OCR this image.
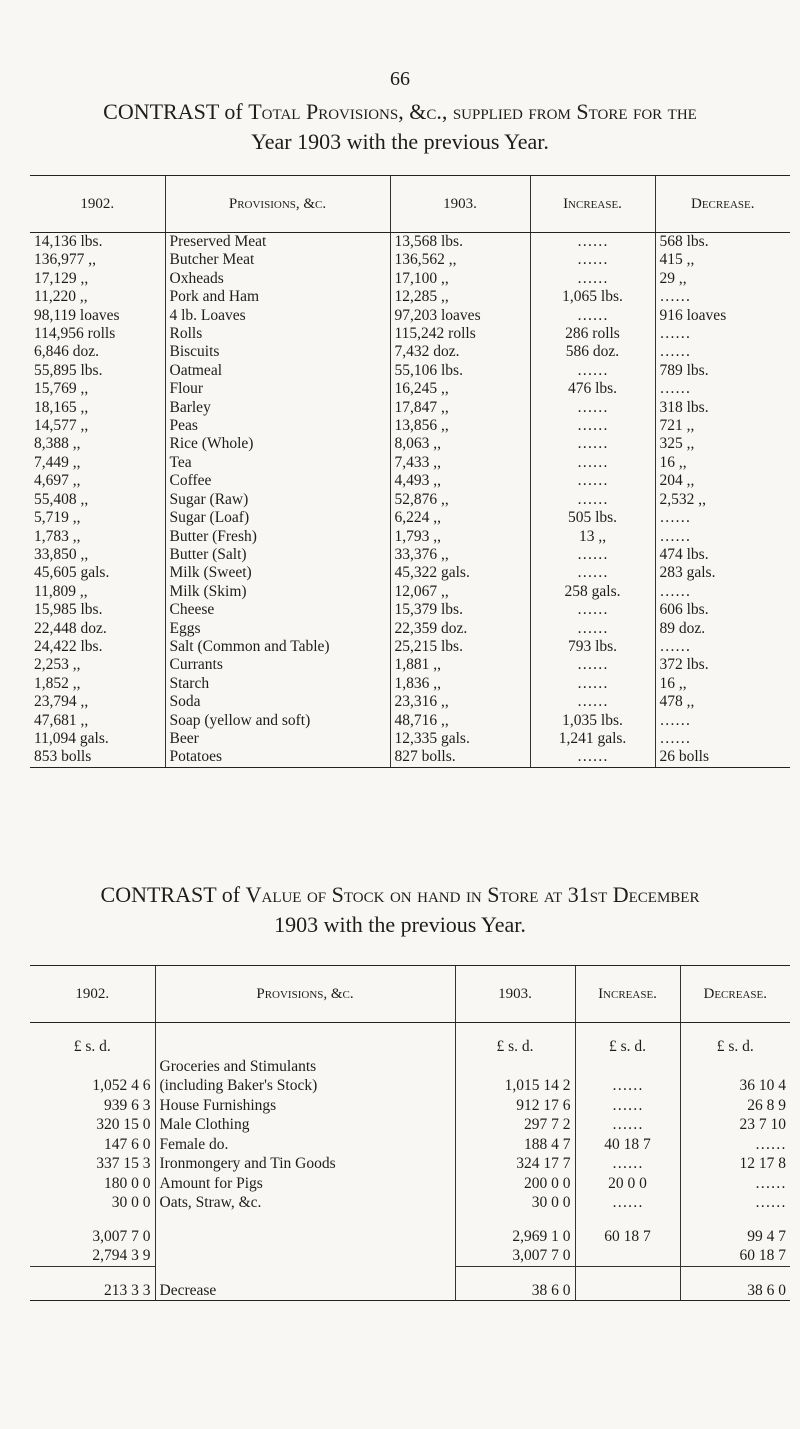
66
CONTRAST of Total Provisions, &c., supplied from Store for the
Year 1903 with the previous Year.
1902.	Provisions, &c.	1903.	Increase.	Decrease.
14,136 lbs.	Preserved Meat	13,568 lbs.	……	568 lbs.
136,977 ,,	Butcher Meat	136,562 ,,	……	415 ,,
17,129 ,,	Oxheads	17,100 ,,	……	29 ,,
11,220 ,,	Pork and Ham	12,285 ,,	1,065 lbs.	……
98,119 loaves	4 lb. Loaves	97,203 loaves	……	916 loaves
114,956 rolls	Rolls	115,242 rolls	286 rolls	……
6,846 doz.	Biscuits	7,432 doz.	586 doz.	……
55,895 lbs.	Oatmeal	55,106 lbs.	……	789 lbs.
15,769 ,,	Flour	16,245 ,,	476 lbs.	……
18,165 ,,	Barley	17,847 ,,	……	318 lbs.
14,577 ,,	Peas	13,856 ,,	……	721 ,,
8,388 ,,	Rice (Whole)	8,063 ,,	……	325 ,,
7,449 ,,	Tea	7,433 ,,	……	16 ,,
4,697 ,,	Coffee	4,493 ,,	……	204 ,,
55,408 ,,	Sugar (Raw)	52,876 ,,	……	2,532 ,,
5,719 ,,	Sugar (Loaf)	6,224 ,,	505 lbs.	……
1,783 ,,	Butter (Fresh)	1,793 ,,	13 ,,	……
33,850 ,,	Butter (Salt)	33,376 ,,	……	474 lbs.
45,605 gals.	Milk (Sweet)	45,322 gals.	……	283 gals.
11,809 ,,	Milk (Skim)	12,067 ,,	258 gals.	……
15,985 lbs.	Cheese	15,379 lbs.	……	606 lbs.
22,448 doz.	Eggs	22,359 doz.	……	89 doz.
24,422 lbs.	Salt (Common and Table)	25,215 lbs.	793 lbs.	……
2,253 ,,	Currants	1,881 ,,	……	372 lbs.
1,852 ,,	Starch	1,836 ,,	……	16 ,,
23,794 ,,	Soda	23,316 ,,	……	478 ,,
47,681 ,,	Soap (yellow and soft)	48,716 ,,	1,035 lbs.	……
11,094 gals.	Beer	12,335 gals.	1,241 gals.	……
853 bolls	Potatoes	827 bolls.	……	26 bolls
CONTRAST of Value of Stock on hand in Store at 31st December
1903 with the previous Year.
1902.	Provisions, &c.	1903.	Increase.	Decrease.

£ s. d.		£ s. d.	£ s. d.	£ s. d.
	Groceries and Stimulants			
1,052 4 6	(including Baker's Stock)	1,015 14 2	……	36 10 4
939 6 3	House Furnishings	912 17 6	……	26 8 9
320 15 0	Male Clothing	297 7 2	……	23 7 10
147 6 0	Female do.	188 4 7	40 18 7	……
337 15 3	Ironmongery and Tin Goods	324 17 7	……	12 17 8
180 0 0	Amount for Pigs	200 0 0	20 0 0	……
30 0 0	Oats, Straw, &c.	30 0 0	……	……

3,007 7 0		2,969 1 0	60 18 7	99 4 7
2,794 3 9		3,007 7 0		60 18 7

213 3 3	Decrease	38 6 0		38 6 0
